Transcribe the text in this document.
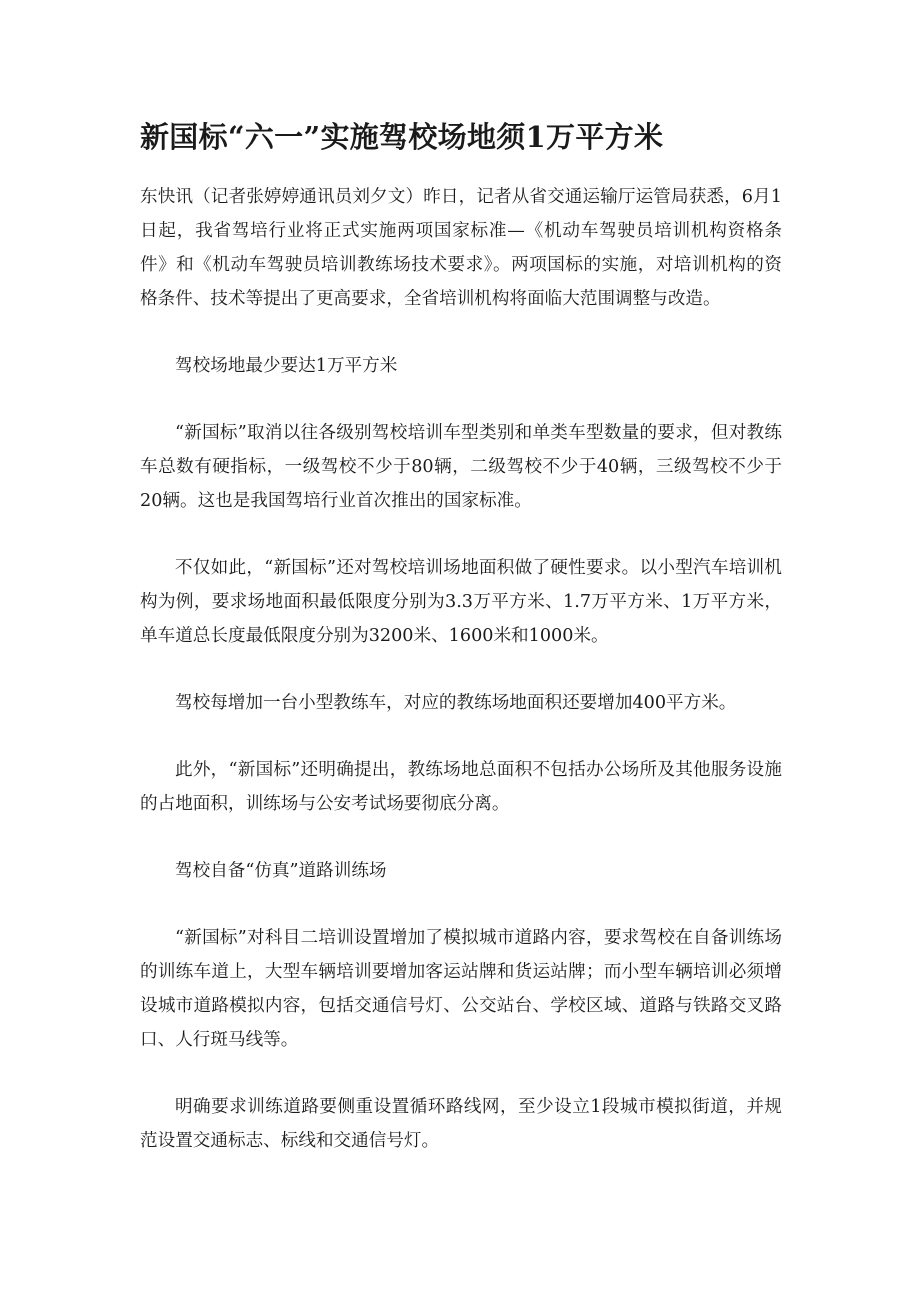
新国标“六一”实施驾校场地须1万平方米

东快讯（记者张婷婷通讯员刘夕文）昨日，记者从省交通运输厅运管局获悉，6月1日起，我省驾培行业将正式实施两项国家标准—《机动车驾驶员培训机构资格条件》和《机动车驾驶员培训教练场技术要求》。两项国标的实施，对培训机构的资格条件、技术等提出了更高要求，全省培训机构将面临大范围调整与改造。

驾校场地最少要达1万平方米

“新国标”取消以往各级别驾校培训车型类别和单类车型数量的要求，但对教练车总数有硬指标，一级驾校不少于80辆，二级驾校不少于40辆，三级驾校不少于20辆。这也是我国驾培行业首次推出的国家标准。

不仅如此，“新国标”还对驾校培训场地面积做了硬性要求。以小型汽车培训机构为例，要求场地面积最低限度分别为3.3万平方米、1.7万平方米、1万平方米，单车道总长度最低限度分别为3200米、1600米和1000米。

驾校每增加一台小型教练车，对应的教练场地面积还要增加400平方米。

此外，“新国标”还明确提出，教练场地总面积不包括办公场所及其他服务设施的占地面积，训练场与公安考试场要彻底分离。

驾校自备“仿真”道路训练场

“新国标”对科目二培训设置增加了模拟城市道路内容，要求驾校在自备训练场的训练车道上，大型车辆培训要增加客运站牌和货运站牌；而小型车辆培训必须增设城市道路模拟内容，包括交通信号灯、公交站台、学校区域、道路与铁路交叉路口、人行斑马线等。

明确要求训练道路要侧重设置循环路线网，至少设立1段城市模拟街道，并规范设置交通标志、标线和交通信号灯。
